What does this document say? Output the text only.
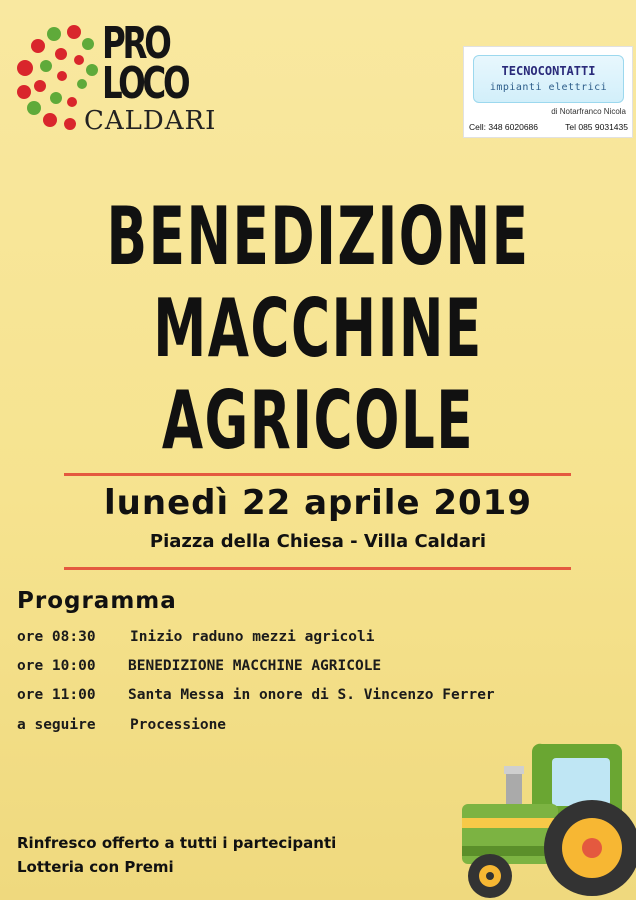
PRO
LOCO
CALDARI
TECNOCONTATTI
impianti elettrici
di Notarfranco Nicola
Cell: 348 6020686	Tel 085 9031435
BENEDIZIONE
MACCHINE
AGRICOLE
lunedì 22 aprile 2019
Piazza della Chiesa - Villa Caldari
Programma
ore 08:30 Inizio raduno mezzi agricoli
ore 10:00 BENEDIZIONE MACCHINE AGRICOLE
ore 11:00 Santa Messa in onore di S. Vincenzo Ferrer
a seguire Processione
Rinfresco offerto a tutti i partecipanti
Lotteria con Premi
